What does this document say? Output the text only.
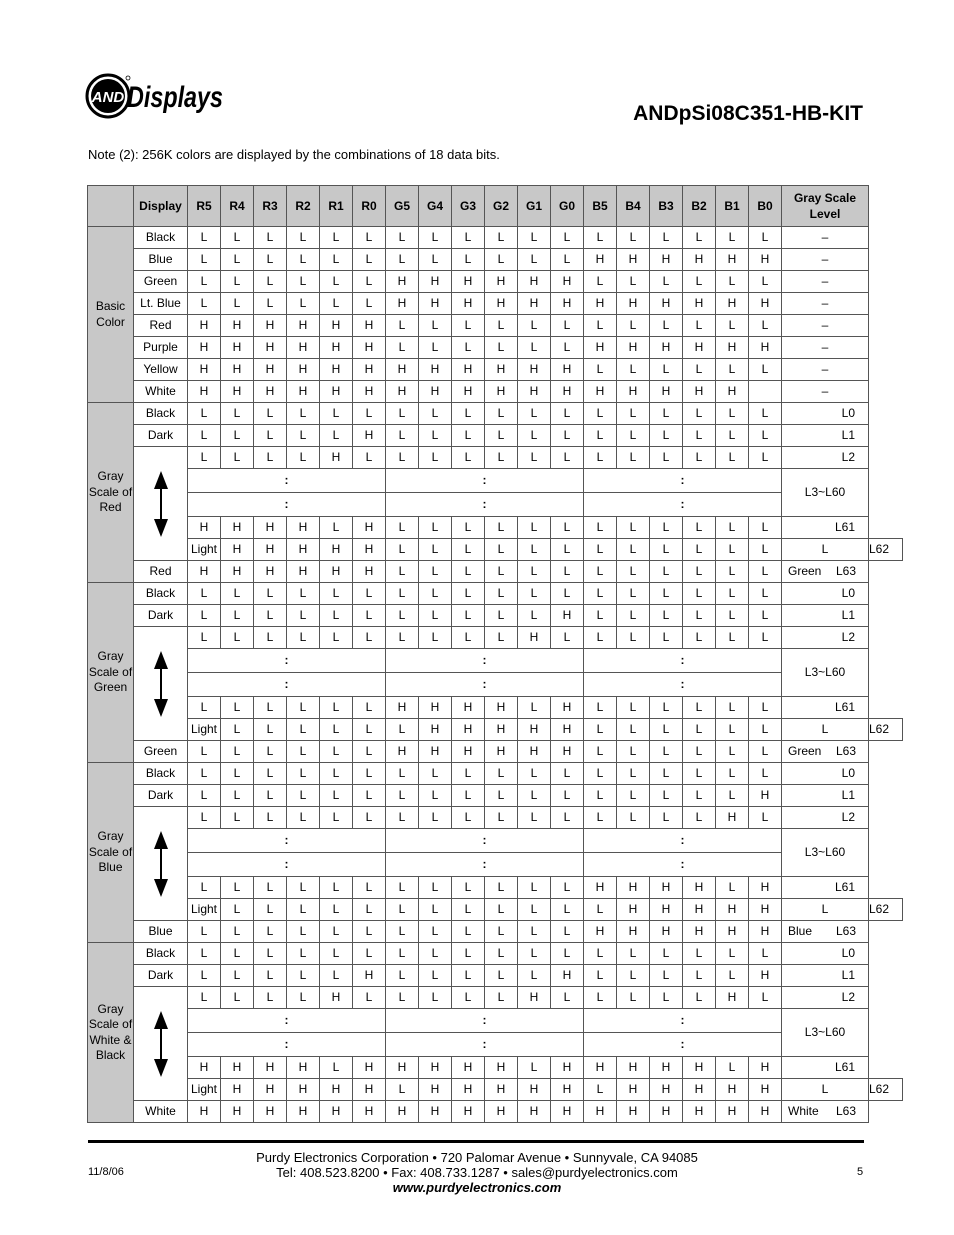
AND Displays	ANDpSi08C351-HB-KIT
Note (2): 256K colors are displayed by the combinations of 18 data bits.
	Display	R5	R4	R3	R2	R1	R0	G5	G4	G3	G2	G1	G0	B5	B4	B3	B2	B1	B0	Gray Scale Level	
Basic Color	Black	L	L	L	L	L	L	L	L	L	L	L	L	L	L	L	L	L	L	–	
	Blue	L	L	L	L	L	L	L	L	L	L	L	L	H	H	H	H	H	H	–	
	Green	L	L	L	L	L	L	H	H	H	H	H	H	L	L	L	L	L	L	–	
	Lt. Blue	L	L	L	L	L	L	H	H	H	H	H	H	H	H	H	H	H	H	–	
	Red	H	H	H	H	H	H	L	L	L	L	L	L	L	L	L	L	L	L	–	
	Purple	H	H	H	H	H	H	L	L	L	L	L	L	H	H	H	H	H	H	–	
	Yellow	H	H	H	H	H	H	H	H	H	H	H	H	L	L	L	L	L	L	–	
	White	H	H	H	H	H	H	H	H	H	H	H	H	H	H	H	H	H		–	
Gray Scale of Red	Black	L	L	L	L	L	L	L	L	L	L	L	L	L	L	L	L	L	L	L0	
	Dark	L	L	L	L	L	H	L	L	L	L	L	L	L	L	L	L	L	L	L1	

	L	L	L	L	H	L	L	L	L	L	L	L	L	L	L	L	L	L	L2	
		:						:						:						L3~L60	
		:						:						:							
		H	H	H	H	L	H	L	L	L	L	L	L	L	L	L	L	L	L	L61	
		Light	H	H	H	H	H	L	L	L	L	L	L	L	L	L	L	L	L	L	L62
	Red	H	H	H	H	H	H	L	L	L	L	L	L	L	L	L	L	L	L	Green L63	
Gray Scale of Green	Black	L	L	L	L	L	L	L	L	L	L	L	L	L	L	L	L	L	L	L0	
	Dark	L	L	L	L	L	L	L	L	L	L	L	H	L	L	L	L	L	L	L1	

	L	L	L	L	L	L	L	L	L	L	H	L	L	L	L	L	L	L	L2	
		:						:						:						L3~L60	
		:						:						:							
		L	L	L	L	L	L	H	H	H	H	L	H	L	L	L	L	L	L	L61	
		Light	L	L	L	L	L	L	H	H	H	H	H	L	L	L	L	L	L	L	L62
	Green	L	L	L	L	L	L	H	H	H	H	H	H	L	L	L	L	L	L	Green L63	
Gray Scale of Blue	Black	L	L	L	L	L	L	L	L	L	L	L	L	L	L	L	L	L	L	L0	
	Dark	L	L	L	L	L	L	L	L	L	L	L	L	L	L	L	L	L	H	L1	

	L	L	L	L	L	L	L	L	L	L	L	L	L	L	L	L	H	L	L2	
		:						:						:						L3~L60	
		:						:						:							
		L	L	L	L	L	L	L	L	L	L	L	L	H	H	H	H	L	H	L61	
		Light	L	L	L	L	L	L	L	L	L	L	L	L	H	H	H	H	H	L	L62
	Blue	L	L	L	L	L	L	L	L	L	L	L	L	H	H	H	H	H	H	Blue L63	
Gray Scale of White & Black	Black	L	L	L	L	L	L	L	L	L	L	L	L	L	L	L	L	L	L	L0	
	Dark	L	L	L	L	L	H	L	L	L	L	L	H	L	L	L	L	L	H	L1	

	L	L	L	L	H	L	L	L	L	L	H	L	L	L	L	L	H	L	L2	
		:						:						:						L3~L60	
		:						:						:							
		H	H	H	H	L	H	H	H	H	H	L	H	H	H	H	H	L	H	L61	
		Light	H	H	H	H	H	L	H	H	H	H	H	L	H	H	H	H	H	L	L62
	White	H	H	H	H	H	H	H	H	H	H	H	H	H	H	H	H	H	H	White L63	
Purdy Electronics Corporation • 720 Palomar Avenue • Sunnyvale, CA 94085
Tel: 408.523.8200 • Fax: 408.733.1287 • sales@purdyelectronics.com
www.purdyelectronics.com
11/8/06	5
